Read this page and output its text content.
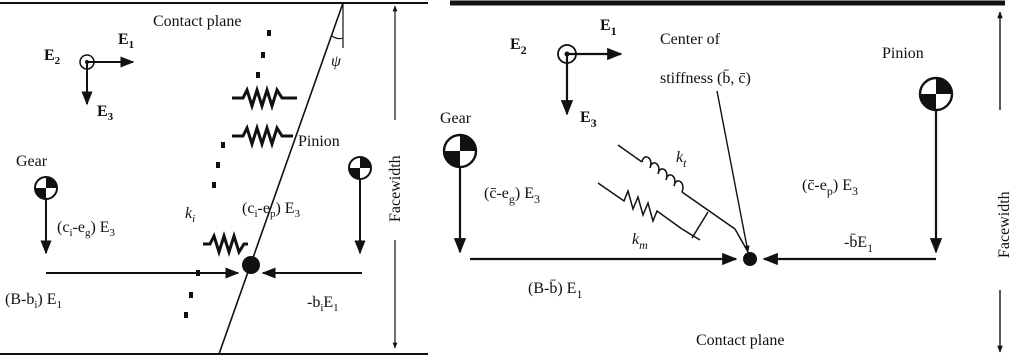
$E_2$
$E_1$
$E_3$
Contact plane
ψ
$k_i$
Pinion
Gear
$(c_i-e_g)$ $E_3$
$(c_i-e_p)$ $E_3$
$(B-b_i)$ $E_1$	$-b_iE_1$
Facewidth
$E_2$
$E_1$
$E_3$
Center of
stiffness (b̄, c̄)
Pinion
Gear
$k_t$
$k_m$
$(c̄-e_g)$ $E_3$
$(c̄-e_p)$ $E_3$
(B-b̄) $E_1$
$-b̄E_1$
Contact plane
Facewidth
